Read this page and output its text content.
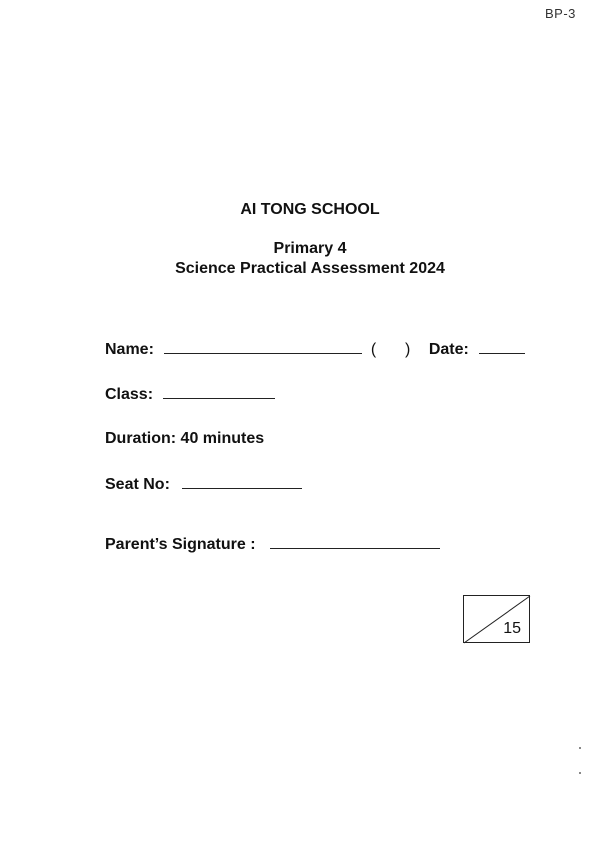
BP-3
AI TONG SCHOOL
Primary 4
Science Practical Assessment 2024
Name:	( ) Date:
Class:
Duration: 40 minutes
Seat No:
Parent’s Signature :
15
